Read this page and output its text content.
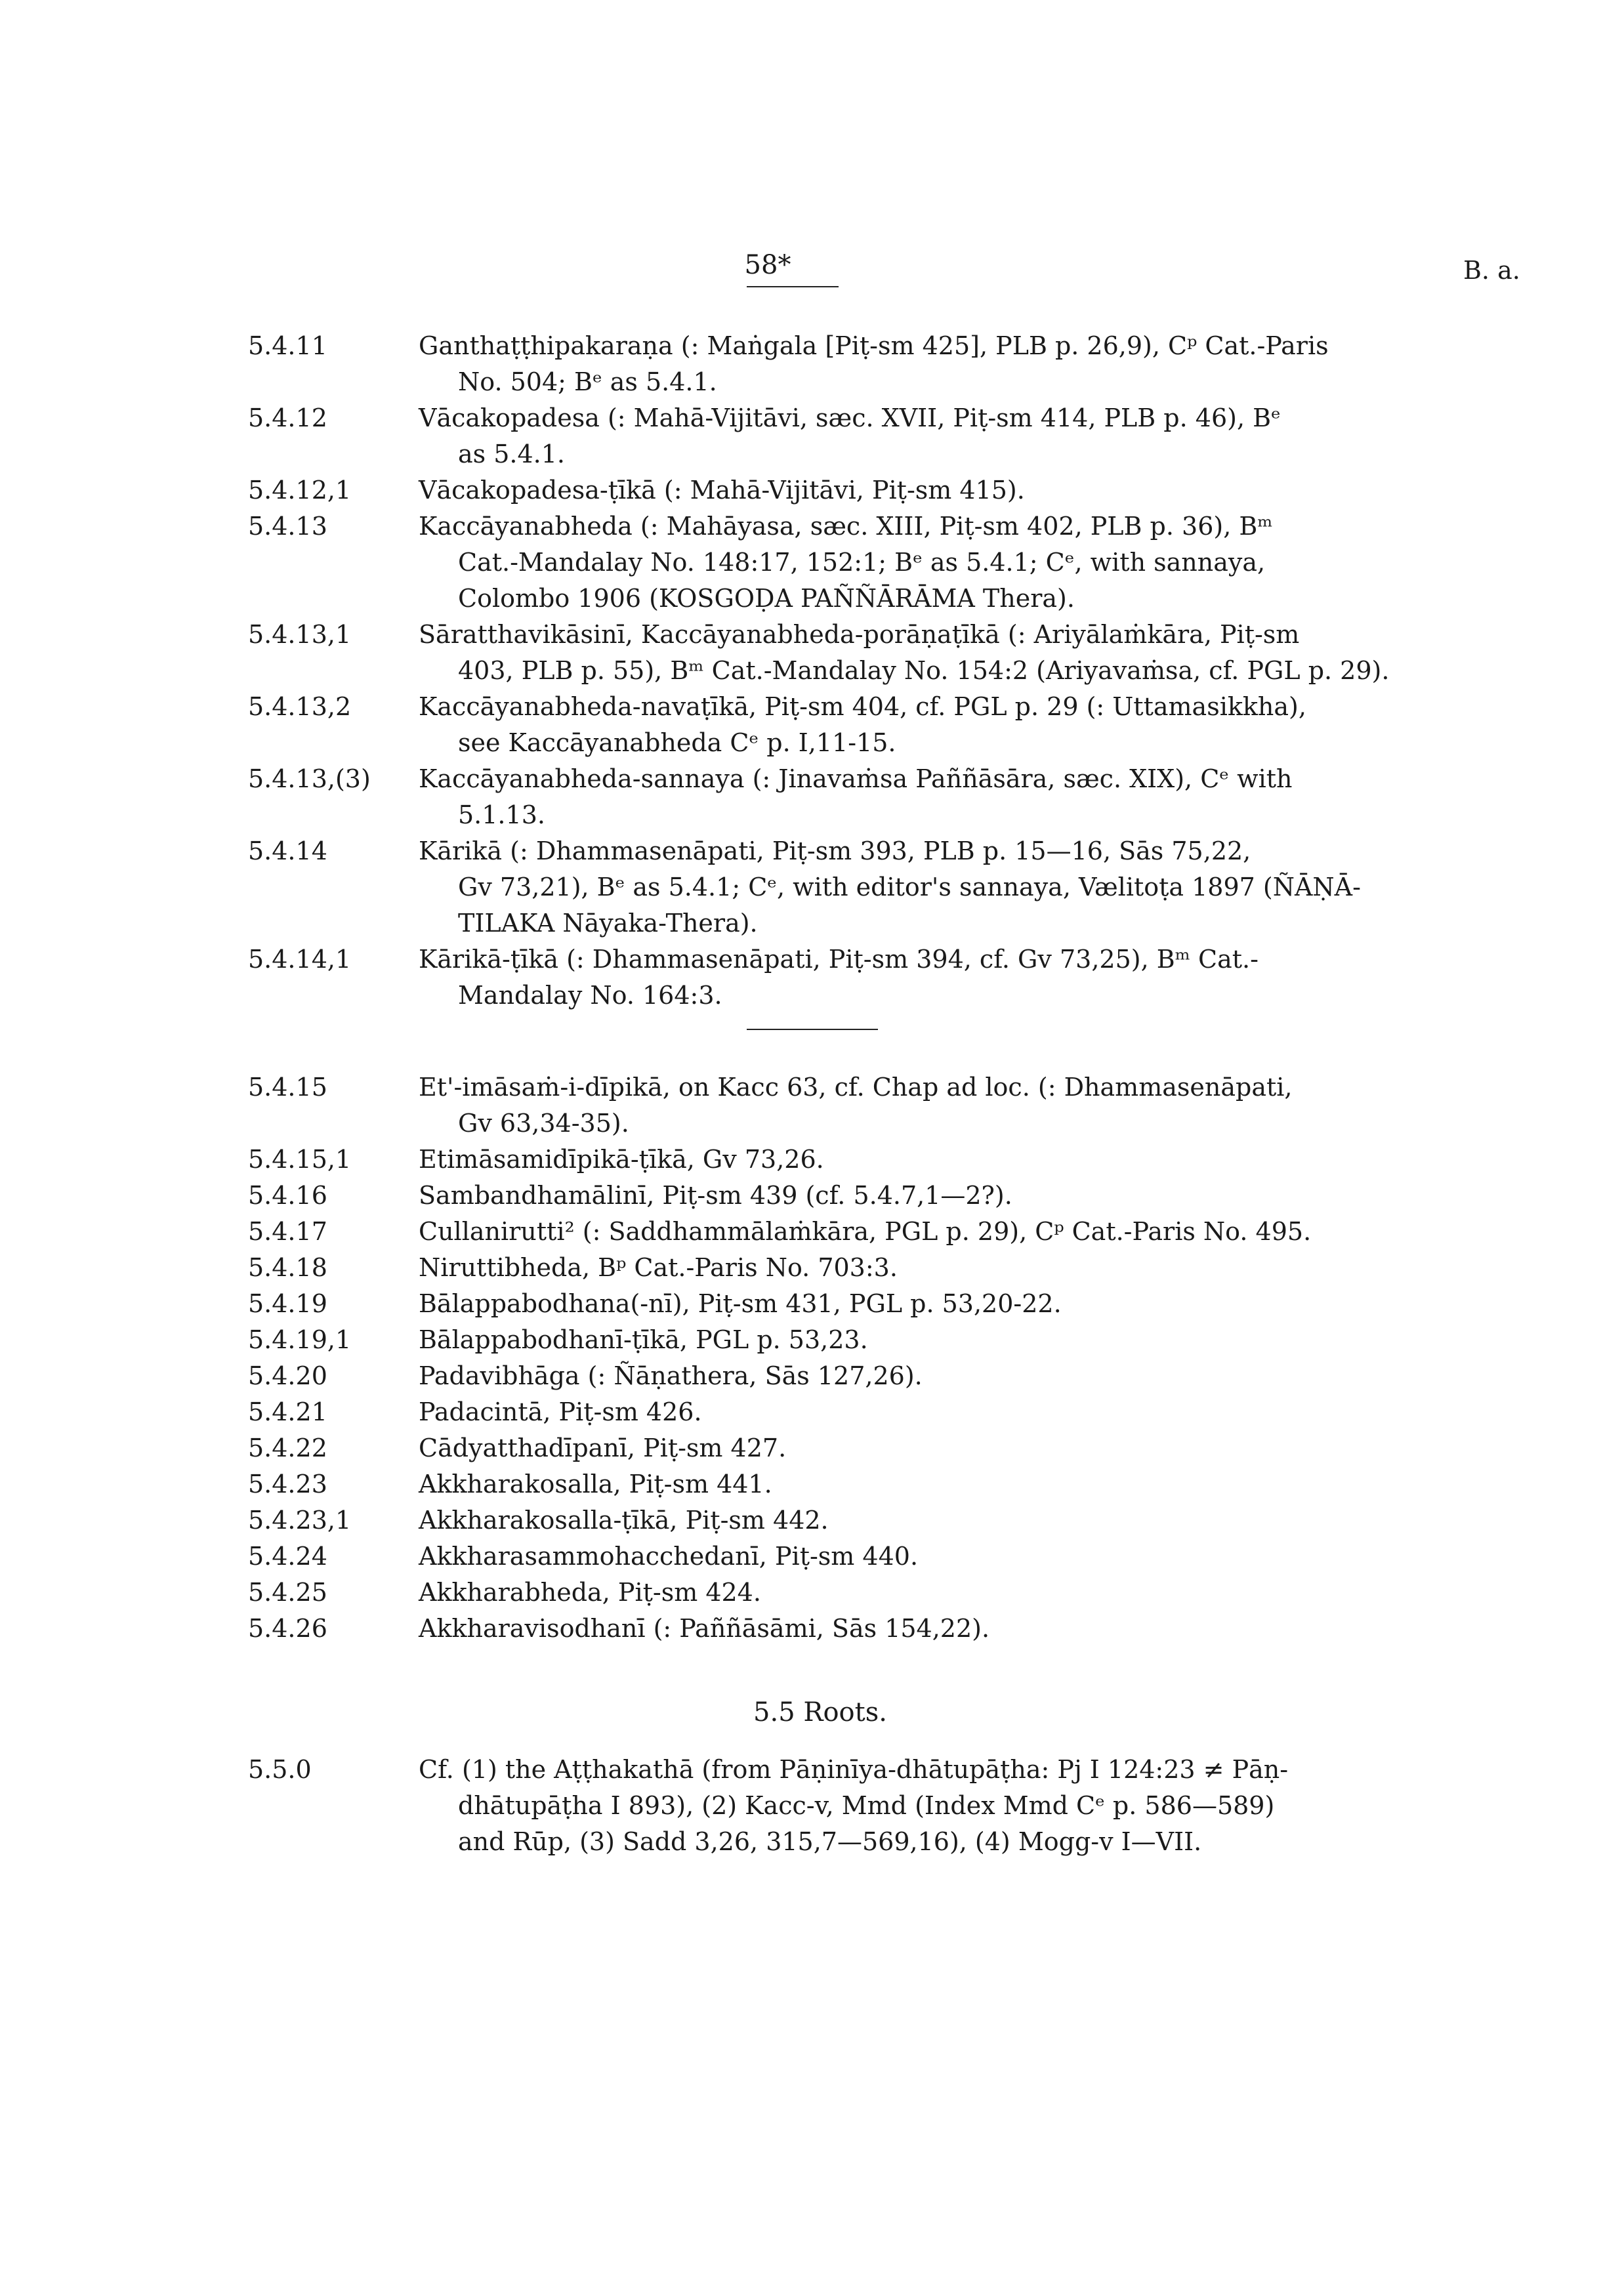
58*	B. a.
5.4.11	Ganthaṭṭhipakaraṇa (: Maṅgala [Piṭ-sm 425], PLB p. 26,9), Cᵖ Cat.-Paris
No. 504; Bᵉ as 5.4.1.
5.4.12	Vācakopadesa (: Mahā-Vijitāvi, sæc. XVII, Piṭ-sm 414, PLB p. 46), Bᵉ
as 5.4.1.
5.4.12,1	Vācakopadesa-ṭīkā (: Mahā-Vijitāvi, Piṭ-sm 415).
5.4.13	Kaccāyanabheda (: Mahāyasa, sæc. XIII, Piṭ-sm 402, PLB p. 36), Bᵐ
Cat.-Mandalay No. 148:17, 152:1; Bᵉ as 5.4.1; Cᵉ, with sannaya,
Colombo 1906 (KOSGOḌA PAÑÑĀRĀMA Thera).
5.4.13,1	Sāratthavikāsinī, Kaccāyanabheda-porāṇaṭīkā (: Ariyālaṁkāra, Piṭ-sm
403, PLB p. 55), Bᵐ Cat.-Mandalay No. 154:2 (Ariyavaṁsa, cf. PGL p. 29).
5.4.13,2	Kaccāyanabheda-navaṭīkā, Piṭ-sm 404, cf. PGL p. 29 (: Uttamasikkha),
see Kaccāyanabheda Cᵉ p. I,11-15.
5.4.13,(3) Kaccāyanabheda-sannaya (: Jinavaṁsa Paññāsāra, sæc. XIX), Cᵉ with
5.1.13.
5.4.14	Kārikā (: Dhammasenāpati, Piṭ-sm 393, PLB p. 15—16, Sās 75,22,
Gv 73,21), Bᵉ as 5.4.1; Cᵉ, with editor's sannaya, Vælitoṭa 1897 (ÑĀṆĀ-
TILAKA Nāyaka-Thera).
5.4.14,1	Kārikā-ṭīkā (: Dhammasenāpati, Piṭ-sm 394, cf. Gv 73,25), Bᵐ Cat.-
Mandalay No. 164:3.
5.4.15	Et'-imāsaṁ-i-dīpikā, on Kacc 63, cf. Chap ad loc. (: Dhammasenāpati,
Gv 63,34-35).
5.4.15,1	Etimāsamidīpikā-ṭīkā, Gv 73,26.
5.4.16	Sambandhamālinī, Piṭ-sm 439 (cf. 5.4.7,1—2?).
5.4.17	Cullanirutti² (: Saddhammālaṁkāra, PGL p. 29), Cᵖ Cat.-Paris No. 495.
5.4.18	Niruttibheda, Bᵖ Cat.-Paris No. 703:3.
5.4.19	Bālappabodhana(-nī), Piṭ-sm 431, PGL p. 53,20-22.
5.4.19,1	Bālappabodhanī-ṭīkā, PGL p. 53,23.
5.4.20	Padavibhāga (: Ñāṇathera, Sās 127,26).
5.4.21	Padacintā, Piṭ-sm 426.
5.4.22	Cādyatthadīpanī, Piṭ-sm 427.
5.4.23	Akkharakosalla, Piṭ-sm 441.
5.4.23,1	Akkharakosalla-ṭīkā, Piṭ-sm 442.
5.4.24	Akkharasammohacchedanī, Piṭ-sm 440.
5.4.25	Akkharabheda, Piṭ-sm 424.
5.4.26	Akkharavisodhanī (: Paññāsāmi, Sās 154,22).
5.5 Roots.
5.5.0	Cf. (1) the Aṭṭhakathā (from Pāṇinīya-dhātupāṭha: Pj I 124:23 ≠ Pāṇ-
dhātupāṭha I 893), (2) Kacc-v, Mmd (Index Mmd Cᵉ p. 586—589)
and Rūp, (3) Sadd 3,26, 315,7—569,16), (4) Mogg-v I—VII.
